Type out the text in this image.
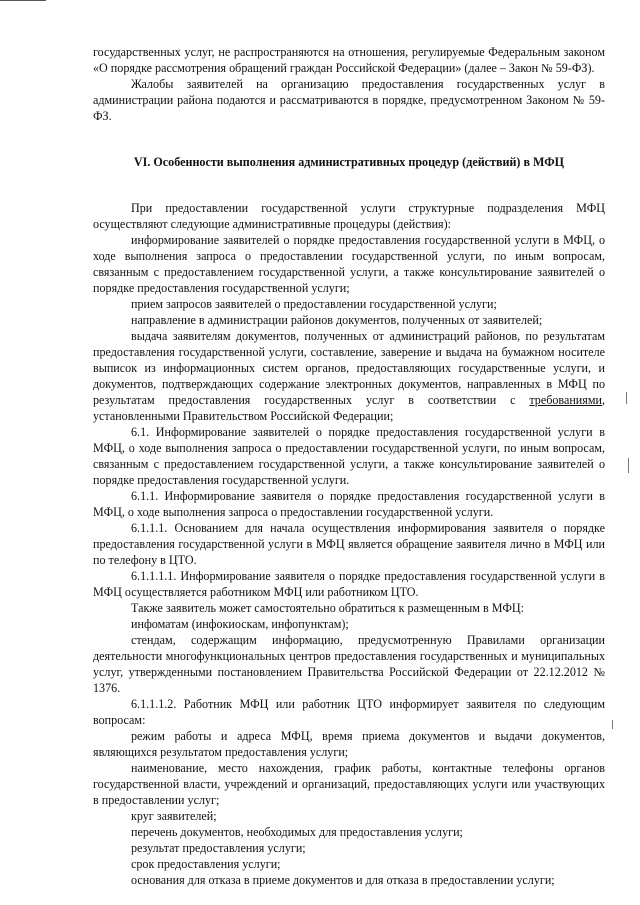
государственных услуг, не распространяются на отношения, регулируемые Федеральным законом «О порядке рассмотрения обращений граждан Российской Федерации» (далее – Закон № 59-ФЗ).

Жалобы заявителей на организацию предоставления государственных услуг в администрации района подаются и рассматриваются в порядке, предусмотренном Законом № 59-ФЗ.

VI. Особенности выполнения административных процедур (действий) в МФЦ

При предоставлении государственной услуги структурные подразделения МФЦ осуществляют следующие административные процедуры (действия):

информирование заявителей о порядке предоставления государственной услуги в МФЦ, о ходе выполнения запроса о предоставлении государственной услуги, по иным вопросам, связанным с предоставлением государственной услуги, а также консультирование заявителей о порядке предоставления государственной услуги;

прием запросов заявителей о предоставлении государственной услуги;

направление в администрации районов документов, полученных от заявителей;

выдача заявителям документов, полученных от администраций районов, по результатам предоставления государственной услуги, составление, заверение и выдача на бумажном носителе выписок из информационных систем органов, предоставляющих государственные услуги, и документов, подтверждающих содержание электронных документов, направленных в МФЦ по результатам предоставления государственных услуг в соответствии с требованиями, установленными Правительством Российской Федерации;

6.1. Информирование заявителей о порядке предоставления государственной услуги в МФЦ, о ходе выполнения запроса о предоставлении государственной услуги, по иным вопросам, связанным с предоставлением государственной услуги, а также консультирование заявителей о порядке предоставления государственной услуги.

6.1.1. Информирование заявителя о порядке предоставления государственной услуги в МФЦ, о ходе выполнения запроса о предоставлении государственной услуги.

6.1.1.1. Основанием для начала осуществления информирования заявителя о порядке предоставления государственной услуги в МФЦ является обращение заявителя лично в МФЦ или по телефону в ЦТО.

6.1.1.1.1. Информирование заявителя о порядке предоставления государственной услуги в МФЦ осуществляется работником МФЦ или работником ЦТО.

Также заявитель может самостоятельно обратиться к размещенным в МФЦ:

инфоматам (инфокиоскам, инфопунктам);

стендам, содержащим информацию, предусмотренную Правилами организации деятельности многофункциональных центров предоставления государственных и муниципальных услуг, утвержденными постановлением Правительства Российской Федерации от 22.12.2012 № 1376.

6.1.1.1.2. Работник МФЦ или работник ЦТО информирует заявителя по следующим вопросам:

режим работы и адреса МФЦ, время приема документов и выдачи документов, являющихся результатом предоставления услуги;

наименование, место нахождения, график работы, контактные телефоны органов государственной власти, учреждений и организаций, предоставляющих услуги или участвующих в предоставлении услуг;

круг заявителей;

перечень документов, необходимых для предоставления услуги;

результат предоставления услуги;

срок предоставления услуги;

основания для отказа в приеме документов и для отказа в предоставлении услуги;
